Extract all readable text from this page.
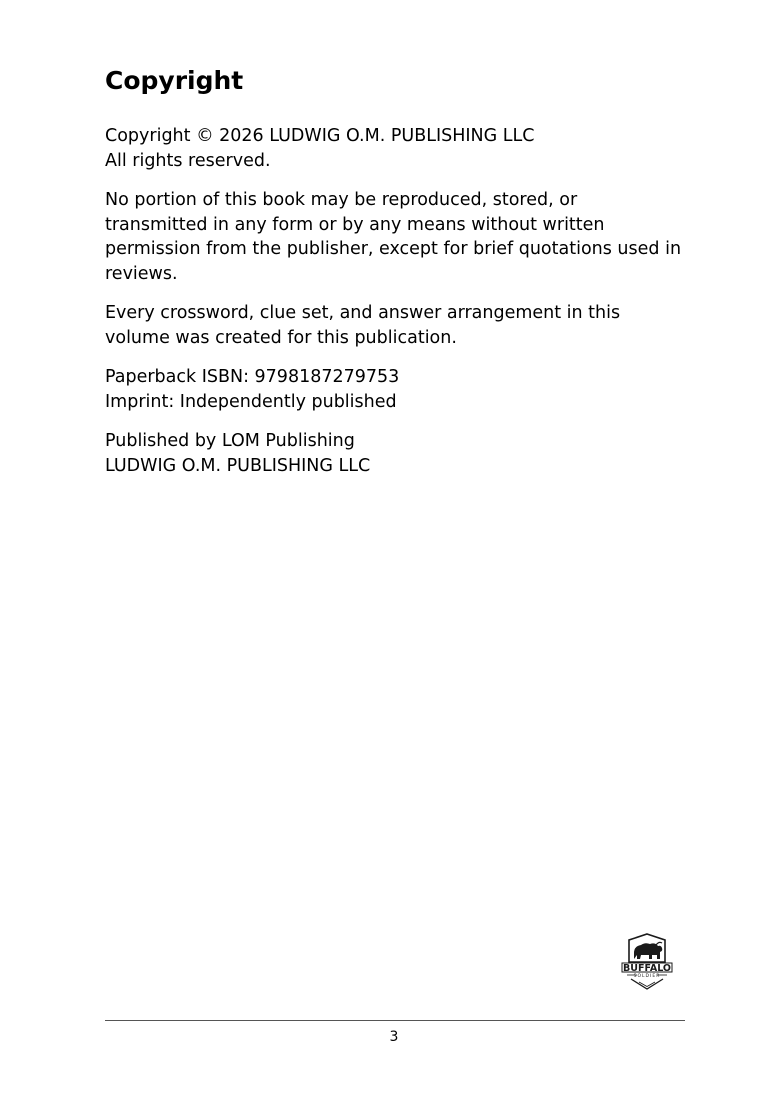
Copyright

Copyright © 2026 LUDWIG O.M. PUBLISHING LLC
All rights reserved.

No portion of this book may be reproduced, stored, or transmitted in any form or by any means without written permission from the publisher, except for brief quotations used in reviews.

Every crossword, clue set, and answer arrangement in this volume was created for this publication.

Paperback ISBN: 9798187279753
Imprint: Independently published

Published by LOM Publishing
LUDWIG O.M. PUBLISHING LLC

BUFFALO
SOLDIER
3
